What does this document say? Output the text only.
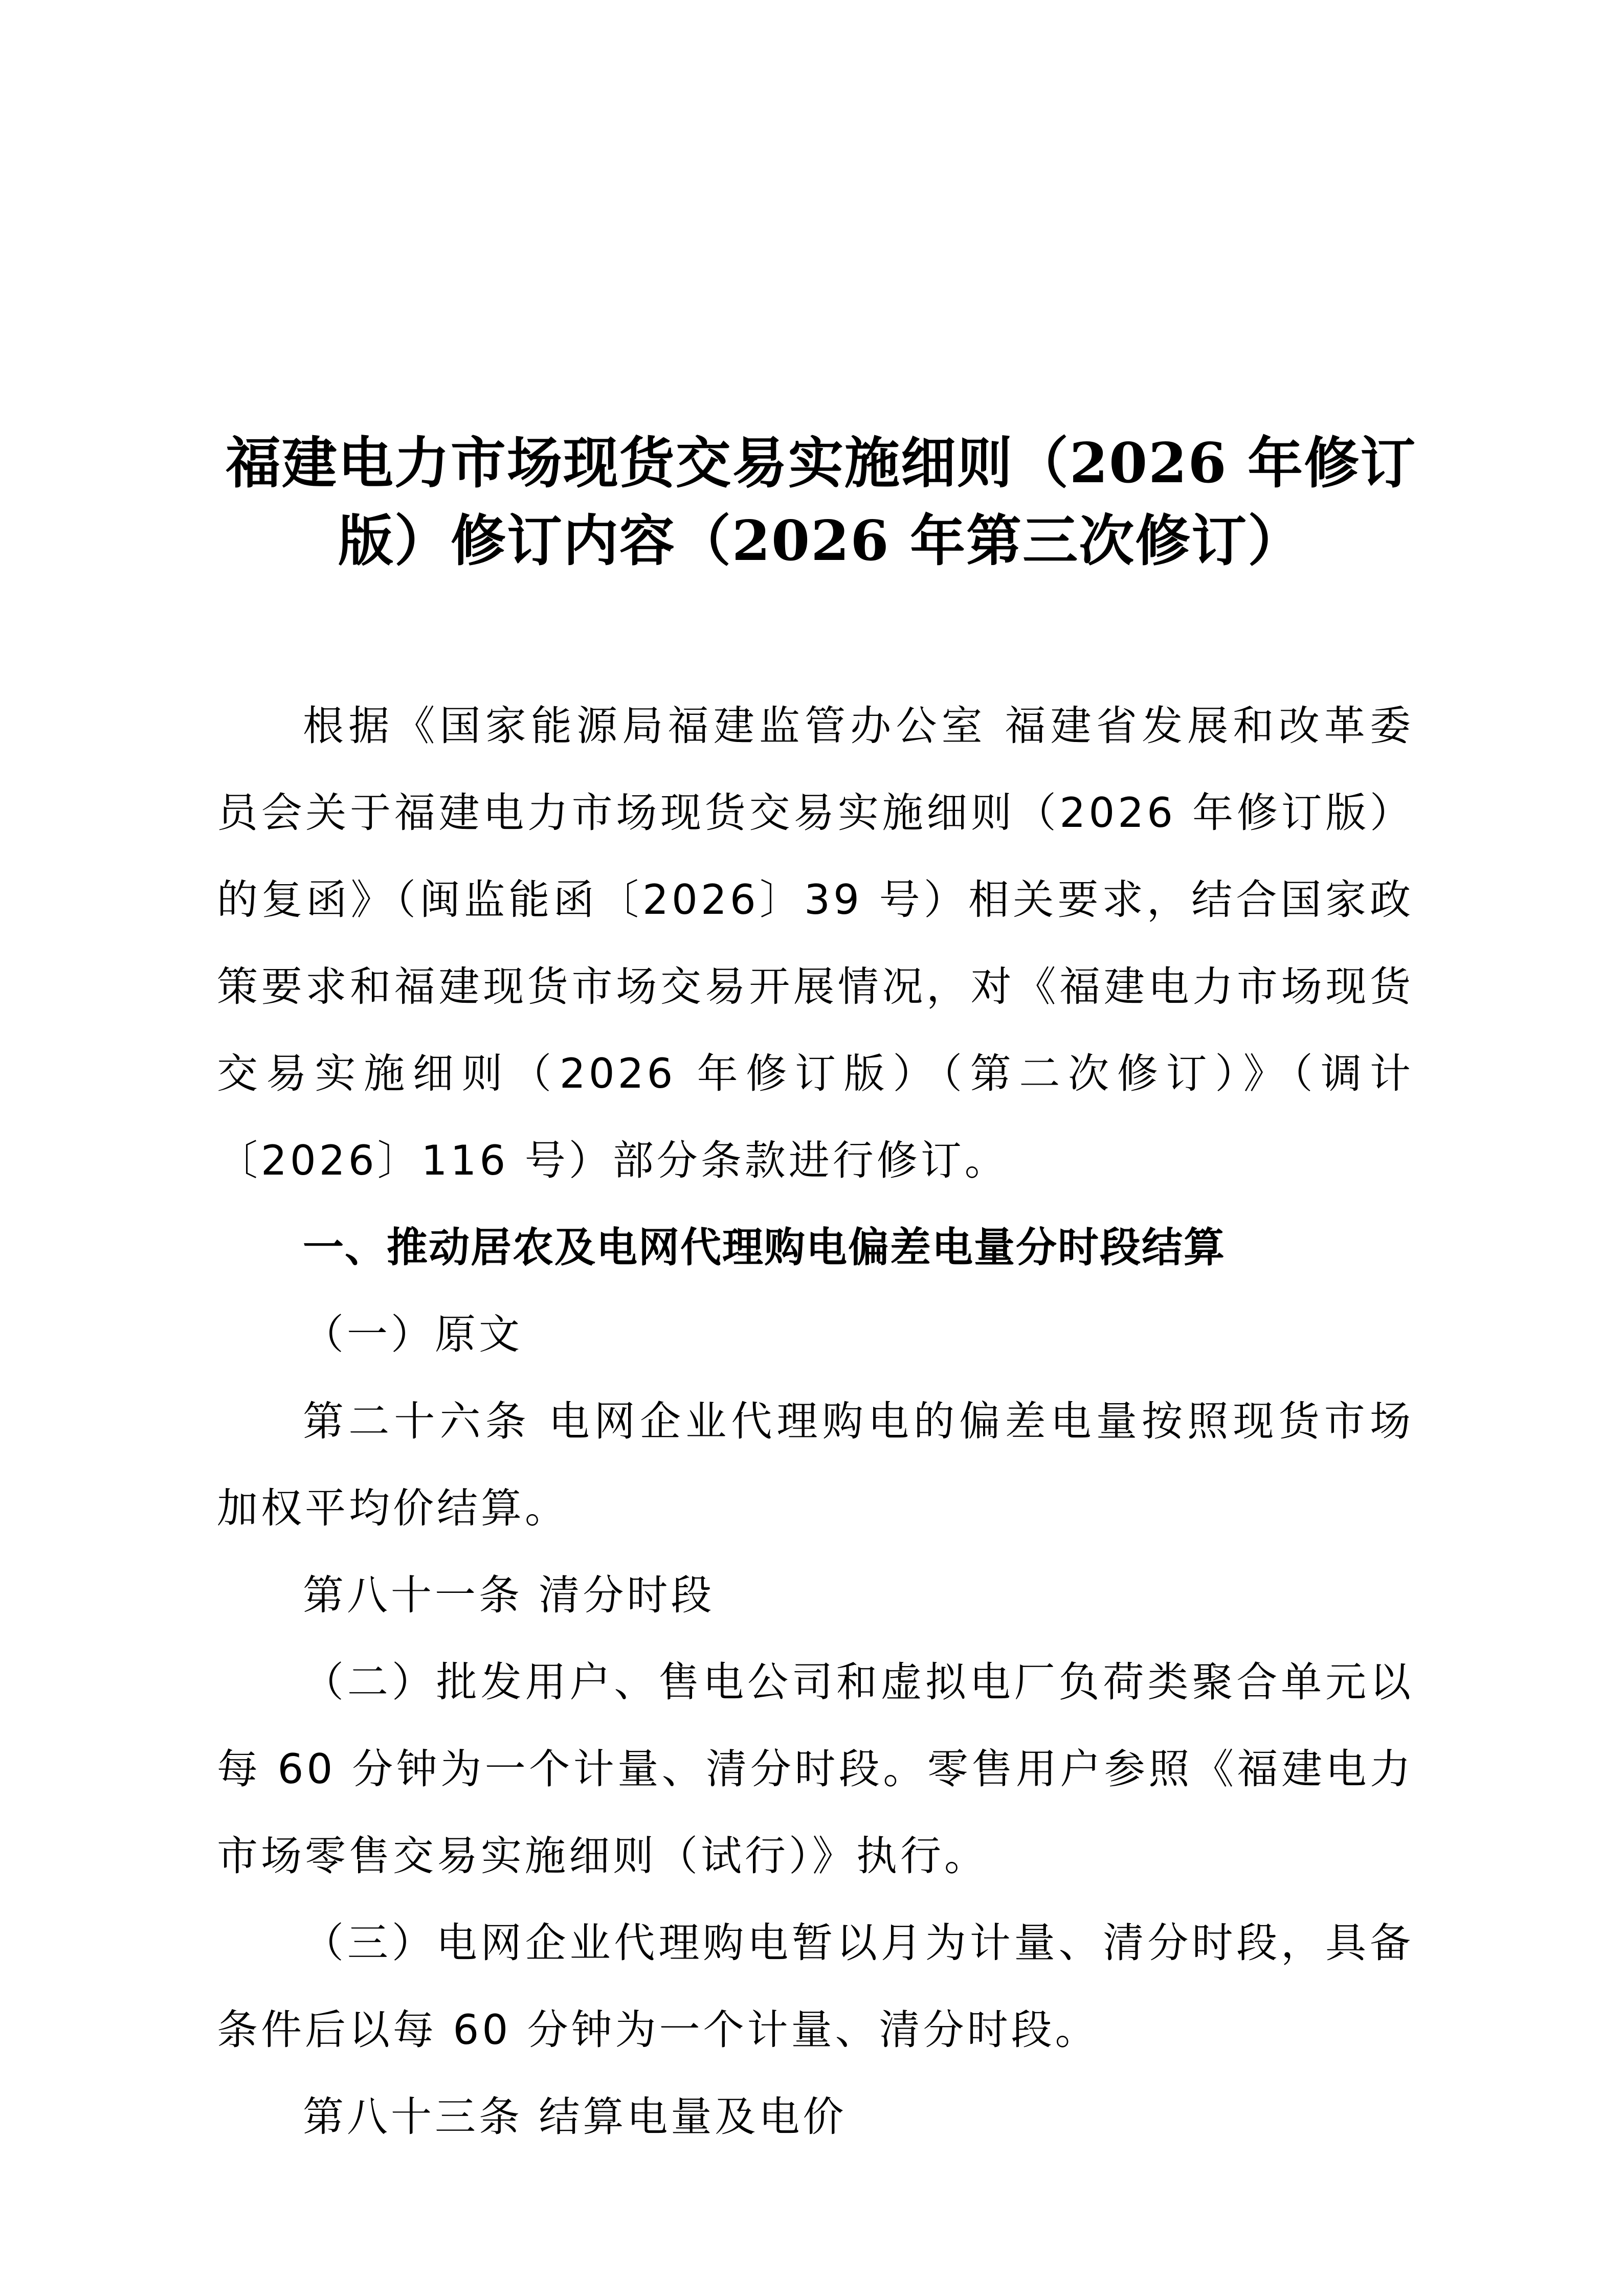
福建电力市场现货交易实施细则（2026 年修订
版）修订内容（2026 年第三次修订）

根据《国家能源局福建监管办公室 福建省发展和改革委员会关于福建电力市场现货交易实施细则（2026 年修订版）的复函》（闽监能函〔2026〕39 号）相关要求，结合国家政策要求和福建现货市场交易开展情况，对《福建电力市场现货交易实施细则（2026 年修订版）（第二次修订）》（调计〔2026〕116 号）部分条款进行修订。

一、推动居农及电网代理购电偏差电量分时段结算

（一）原文

第二十六条 电网企业代理购电的偏差电量按照现货市场加权平均价结算。

第八十一条 清分时段

（二）批发用户、售电公司和虚拟电厂负荷类聚合单元以每 60 分钟为一个计量、清分时段。零售用户参照《福建电力市场零售交易实施细则（试行）》执行。

（三）电网企业代理购电暂以月为计量、清分时段，具备条件后以每 60 分钟为一个计量、清分时段。

第八十三条 结算电量及电价
